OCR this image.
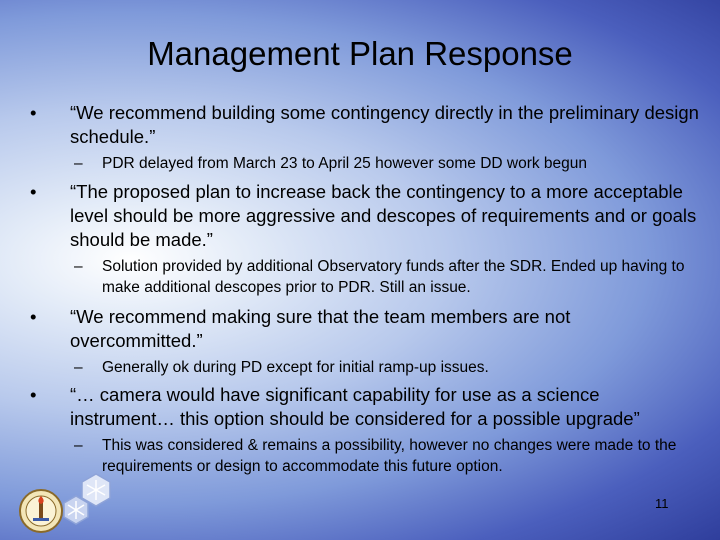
Management Plan Response
• “We recommend building some contingency directly in the preliminary design schedule.”
– PDR delayed from March 23 to April 25 however some DD work begun
• “The proposed plan to increase back the contingency to a more acceptable level should be more aggressive and descopes of requirements and or goals should be made.”
– Solution provided by additional Observatory funds after the SDR. Ended up having to make additional descopes prior to PDR. Still an issue.
• “We recommend making sure that the team members are not overcommitted.”
– Generally ok during PD except for initial ramp-up issues.
• “… camera would have significant capability for use as a science instrument… this option should be considered for a possible upgrade”
– This was considered & remains a possibility, however no changes were made to the requirements or design to accommodate this future option.
11
